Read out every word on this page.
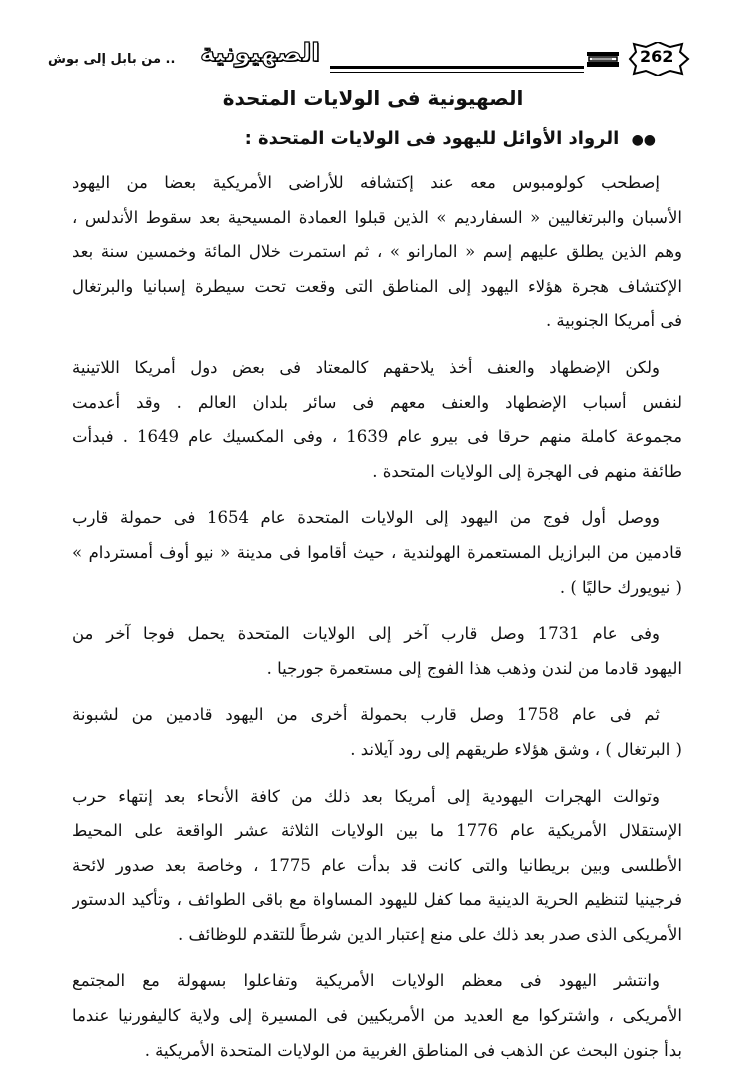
262
الصهيونية
.. من بابل إلى بوش
الصهيونية فى الولايات المتحدة
●● الرواد الأوائل لليهود فى الولايات المتحدة :
إصطحب كولومبوس معه عند إكتشافه للأراضى الأمريكية بعضا من اليهود
الأسبان والبرتغاليين « السفارديم » الذين قبلوا العمادة المسيحية بعد سقوط الأندلس ،
وهم الذين يطلق عليهم إسم « المارانو » ، ثم استمرت خلال المائة وخمسين سنة بعد
الإكتشاف هجرة هؤلاء اليهود إلى المناطق التى وقعت تحت سيطرة إسبانيا والبرتغال
فى أمريكا الجنوبية .
ولكن الإضطهاد والعنف أخذ يلاحقهم كالمعتاد فى بعض دول أمريكا اللاتينية
لنفس أسباب الإضطهاد والعنف معهم فى سائر بلدان العالم . وقد أعدمت
مجموعة كاملة منهم حرقا فى بيرو عام 1639 ، وفى المكسيك عام 1649 . فبدأت
طائفة منهم فى الهجرة إلى الولايات المتحدة .
ووصل أول فوج من اليهود إلى الولايات المتحدة عام 1654 فى حمولة قارب
قادمين من البرازيل المستعمرة الهولندية ، حيث أقاموا فى مدينة « نيو أوف أمستردام »
( نيويورك حاليًا ) .
وفى عام 1731 وصل قارب آخر إلى الولايات المتحدة يحمل فوجا آخر من
اليهود قادما من لندن وذهب هذا الفوج إلى مستعمرة جورجيا .
ثم فى عام 1758 وصل قارب بحمولة أخرى من اليهود قادمين من لشبونة
( البرتغال ) ، وشق هؤلاء طريقهم إلى رود آيلاند .
وتوالت الهجرات اليهودية إلى أمريكا بعد ذلك من كافة الأنحاء بعد إنتهاء حرب
الإستقلال الأمريكية عام 1776 ما بين الولايات الثلاثة عشر الواقعة على المحيط
الأطلسى وبين بريطانيا والتى كانت قد بدأت عام 1775 ، وخاصة بعد صدور لائحة
فرجينيا لتنظيم الحرية الدينية مما كفل لليهود المساواة مع باقى الطوائف ، وتأكيد الدستور
الأمريكى الذى صدر بعد ذلك على منع إعتبار الدين شرطاً للتقدم للوظائف .
وانتشر اليهود فى معظم الولايات الأمريكية وتفاعلوا بسهولة مع المجتمع
الأمريكى ، واشتركوا مع العديد من الأمريكيين فى المسيرة إلى ولاية كاليفورنيا عندما
بدأ جنون البحث عن الذهب فى المناطق الغربية من الولايات المتحدة الأمريكية .
